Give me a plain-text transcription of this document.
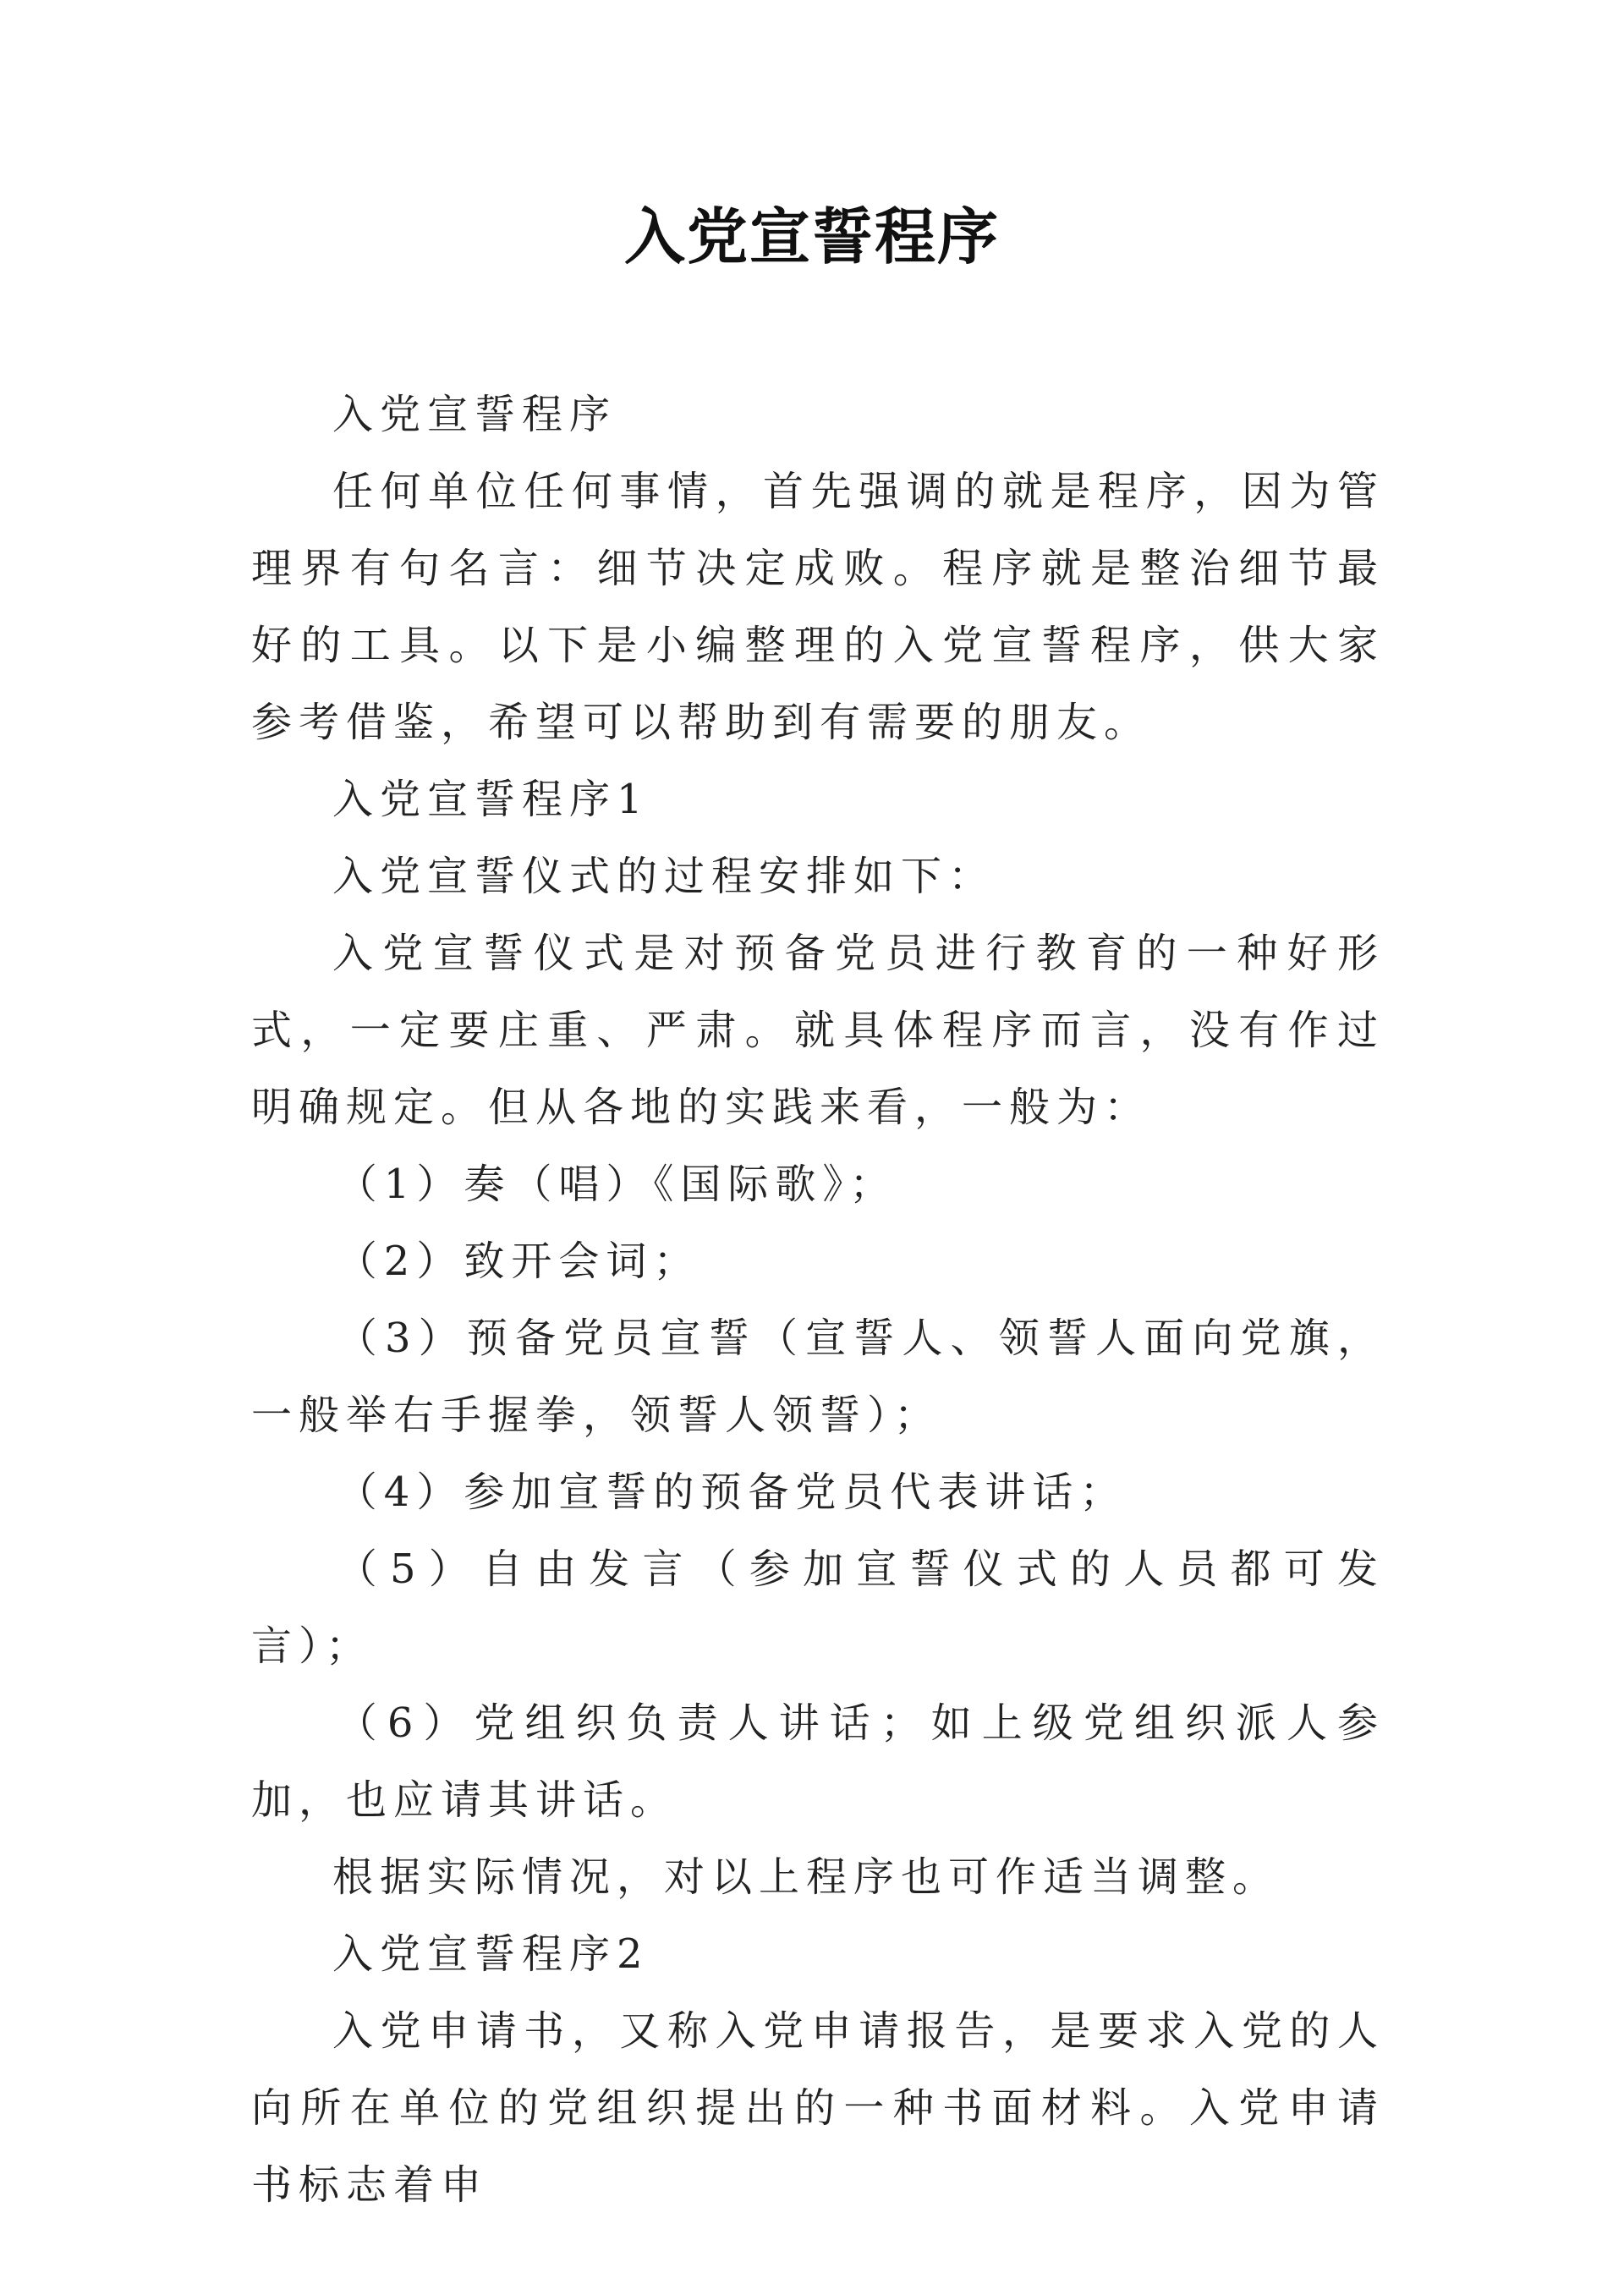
入党宣誓程序

入党宣誓程序

任何单位任何事情，首先强调的就是程序，因为管理界有句名言：细节决定成败。程序就是整治细节最好的工具。以下是小编整理的入党宣誓程序，供大家参考借鉴，希望可以帮助到有需要的朋友。

入党宣誓程序1

入党宣誓仪式的过程安排如下：

入党宣誓仪式是对预备党员进行教育的一种好形式，一定要庄重、严肃。就具体程序而言，没有作过明确规定。但从各地的实践来看，一般为：

（1）奏（唱）《国际歌》；

（2）致开会词；

（3）预备党员宣誓（宣誓人、领誓人面向党旗，一般举右手握拳，领誓人领誓）；

（4）参加宣誓的预备党员代表讲话；

（5）自由发言（参加宣誓仪式的人员都可发言）；

（6）党组织负责人讲话；如上级党组织派人参加，也应请其讲话。

根据实际情况，对以上程序也可作适当调整。

入党宣誓程序2

入党申请书，又称入党申请报告，是要求入党的人向所在单位的党组织提出的一种书面材料。入党申请书标志着申
